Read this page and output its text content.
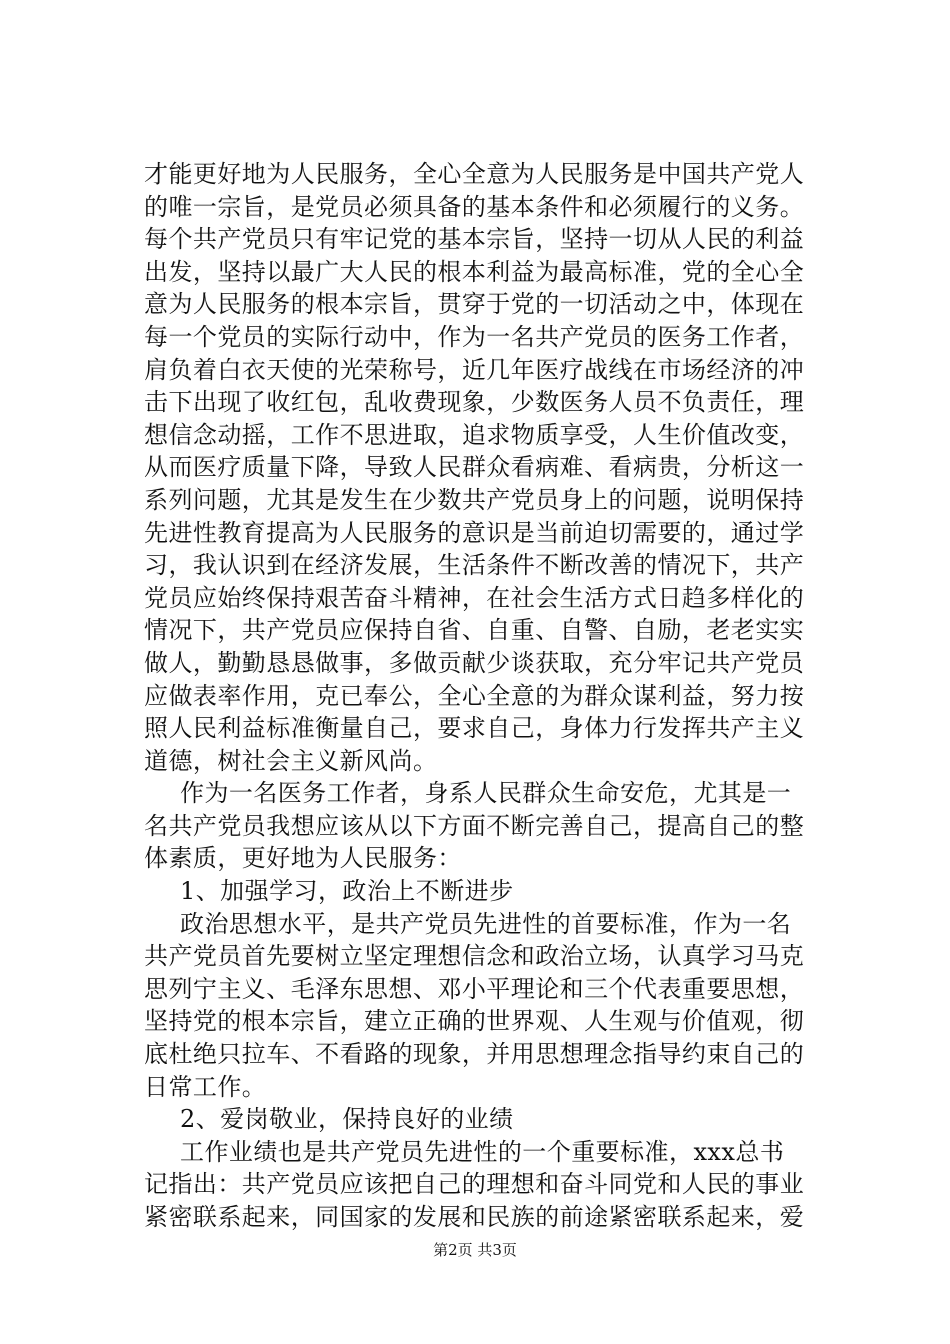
才能更好地为人民服务，全心全意为人民服务是中国共产党人
的唯一宗旨，是党员必须具备的基本条件和必须履行的义务。
每个共产党员只有牢记党的基本宗旨，坚持一切从人民的利益
出发，坚持以最广大人民的根本利益为最高标准，党的全心全
意为人民服务的根本宗旨，贯穿于党的一切活动之中，体现在
每一个党员的实际行动中，作为一名共产党员的医务工作者，
肩负着白衣天使的光荣称号，近几年医疗战线在市场经济的冲
击下出现了收红包，乱收费现象，少数医务人员不负责任，理
想信念动摇，工作不思进取，追求物质享受，人生价值改变，
从而医疗质量下降，导致人民群众看病难、看病贵，分析这一
系列问题，尤其是发生在少数共产党员身上的问题，说明保持
先进性教育提高为人民服务的意识是当前迫切需要的，通过学
习，我认识到在经济发展，生活条件不断改善的情况下，共产
党员应始终保持艰苦奋斗精神，在社会生活方式日趋多样化的
情况下，共产党员应保持自省、自重、自警、自励，老老实实
做人，勤勤恳恳做事，多做贡献少谈获取，充分牢记共产党员
应做表率作用，克已奉公，全心全意的为群众谋利益，努力按
照人民利益标准衡量自己，要求自己，身体力行发挥共产主义
道德，树社会主义新风尚。
作为一名医务工作者，身系人民群众生命安危，尤其是一
名共产党员我想应该从以下方面不断完善自己，提高自己的整
体素质，更好地为人民服务：
1、加强学习，政治上不断进步
政治思想水平，是共产党员先进性的首要标准，作为一名
共产党员首先要树立坚定理想信念和政治立场，认真学习马克
思列宁主义、毛泽东思想、邓小平理论和三个代表重要思想，
坚持党的根本宗旨，建立正确的世界观、人生观与价值观，彻
底杜绝只拉车、不看路的现象，并用思想理念指导约束自己的
日常工作。
2、爱岗敬业，保持良好的业绩
工作业绩也是共产党员先进性的一个重要标准，xxx总书
记指出：共产党员应该把自己的理想和奋斗同党和人民的事业
紧密联系起来，同国家的发展和民族的前途紧密联系起来，爱
第2页 共3页
